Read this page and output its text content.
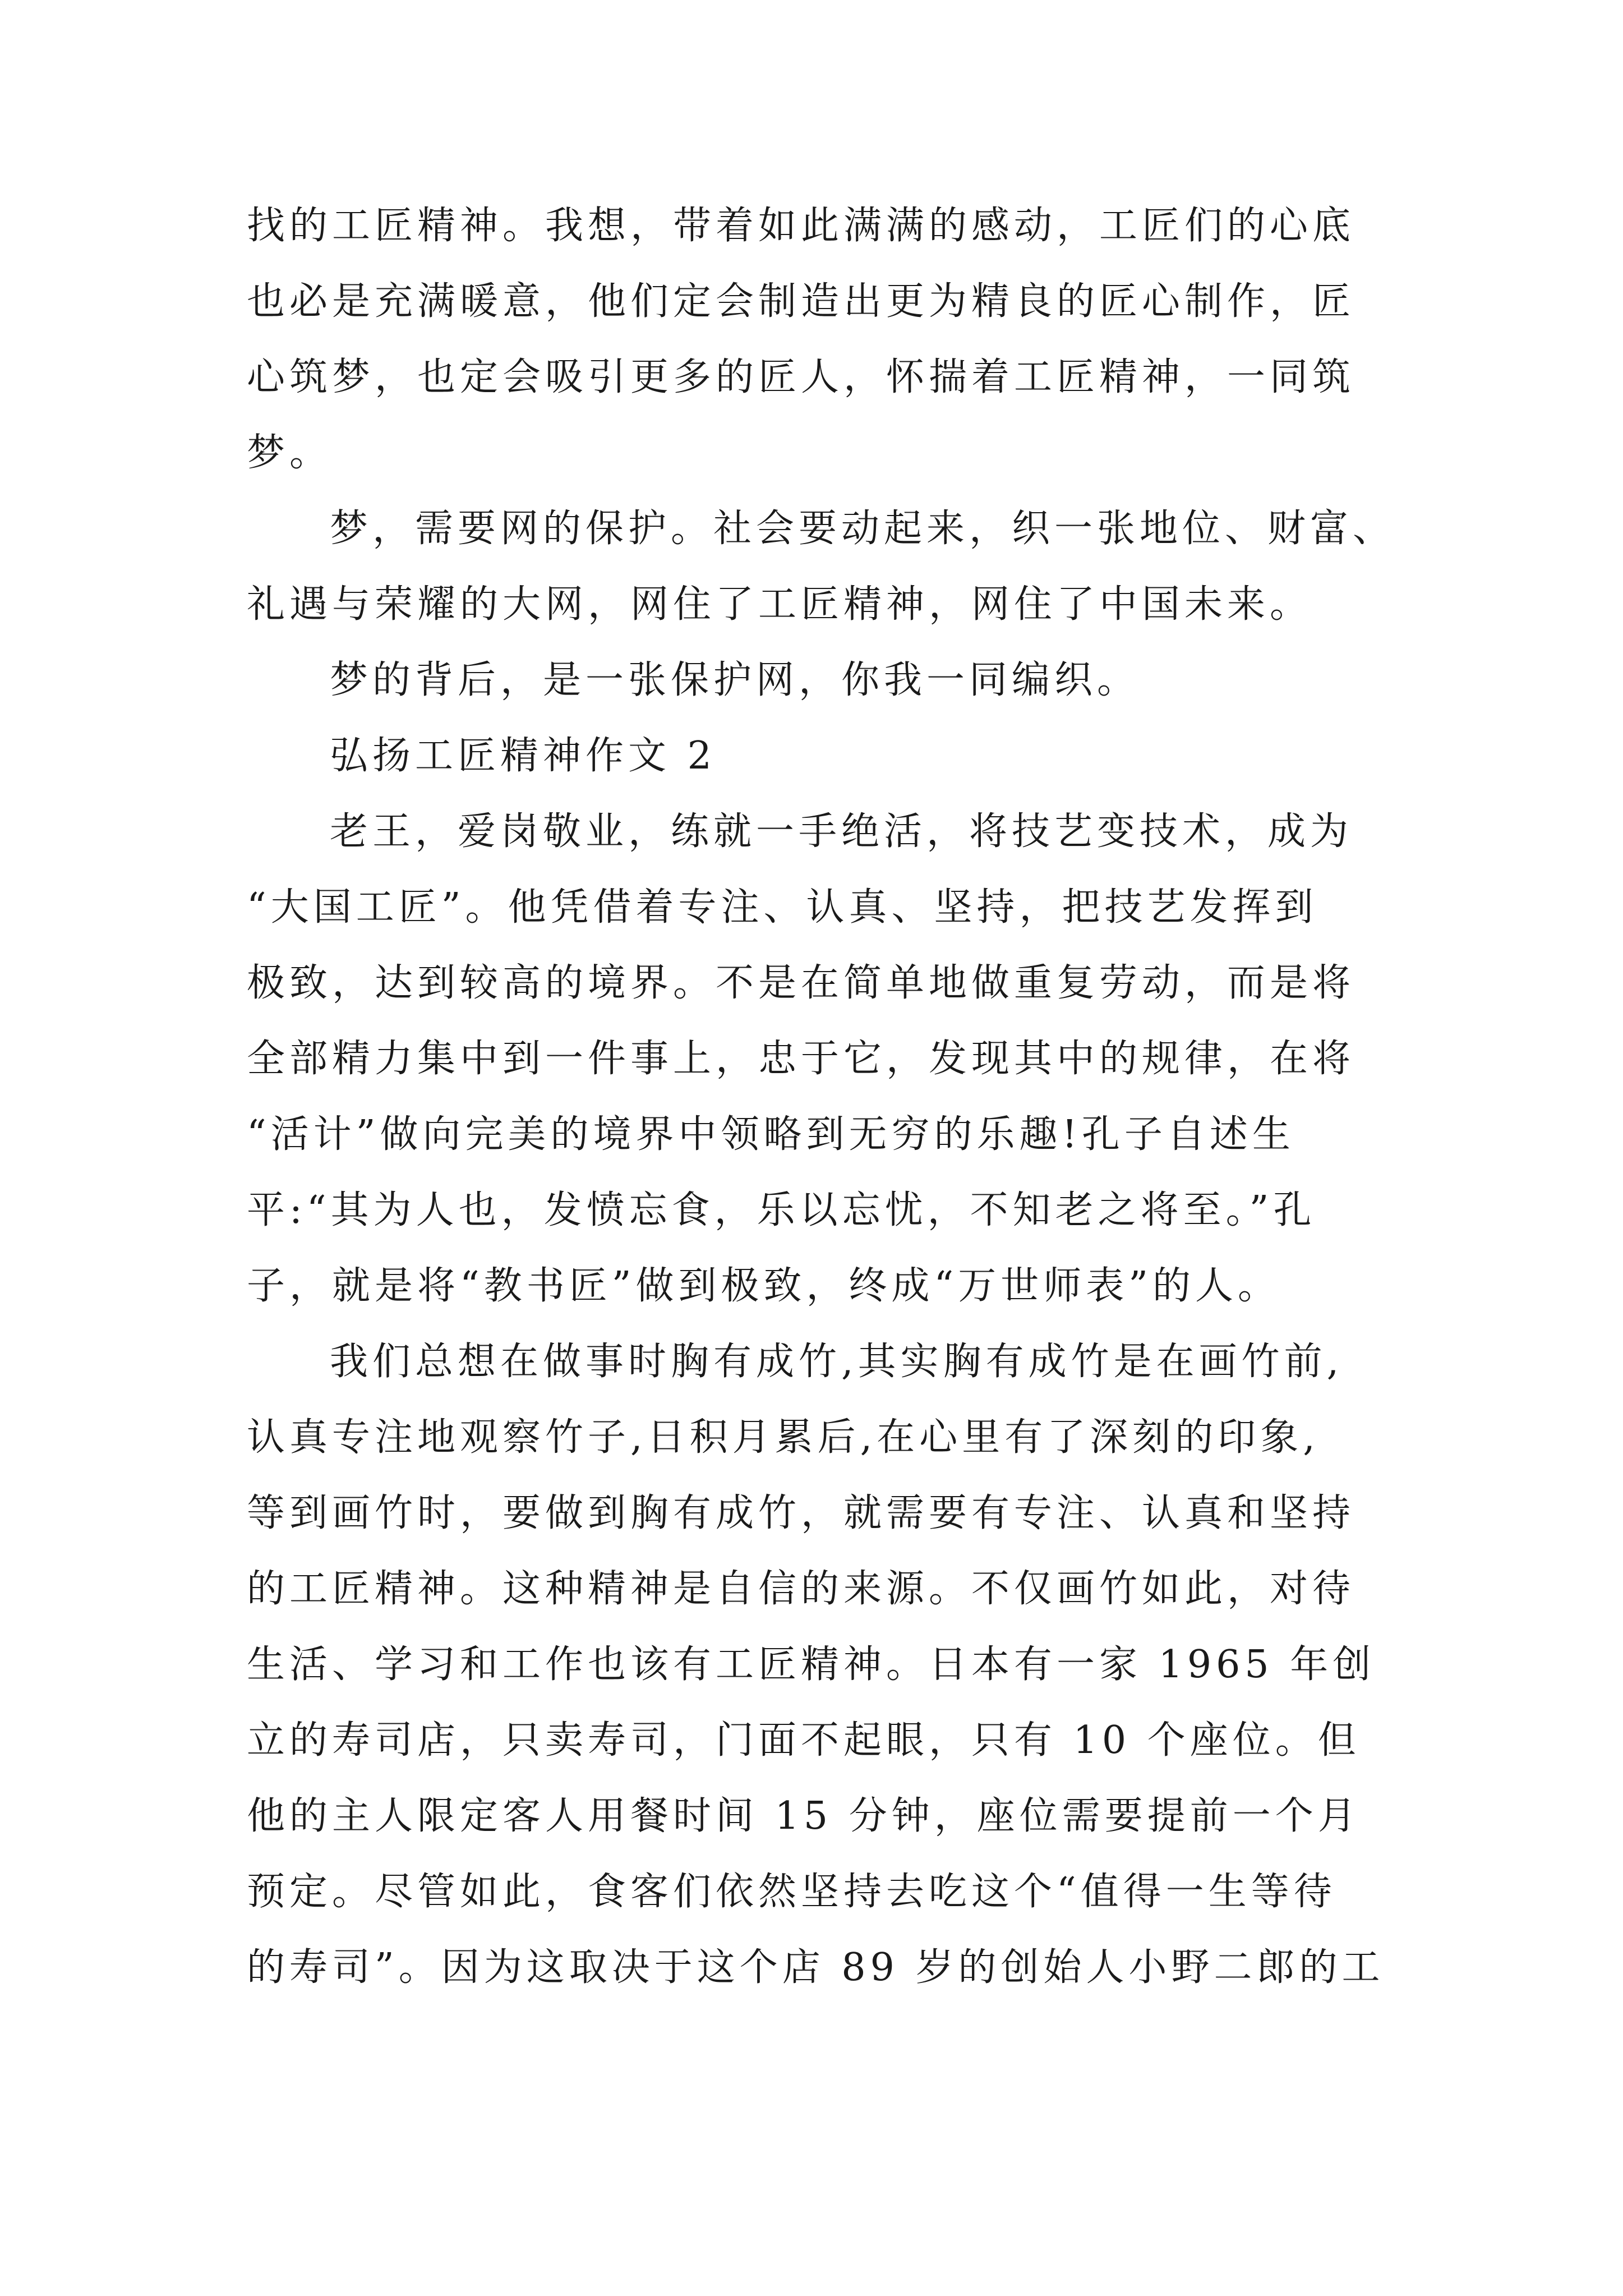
找的工匠精神。我想，带着如此满满的感动，工匠们的心底
也必是充满暖意，他们定会制造出更为精良的匠心制作，匠
心筑梦，也定会吸引更多的匠人，怀揣着工匠精神，一同筑
梦。
梦，需要网的保护。社会要动起来，织一张地位、财富、
礼遇与荣耀的大网，网住了工匠精神，网住了中国未来。
梦的背后，是一张保护网，你我一同编织。
弘扬工匠精神作文 2
老王，爱岗敬业，练就一手绝活，将技艺变技术，成为
“大国工匠”。他凭借着专注、认真、坚持，把技艺发挥到
极致，达到较高的境界。不是在简单地做重复劳动，而是将
全部精力集中到一件事上，忠于它，发现其中的规律，在将
“活计”做向完美的境界中领略到无穷的乐趣!孔子自述生
平:“其为人也，发愤忘食，乐以忘忧，不知老之将至。”孔
子，就是将“教书匠”做到极致，终成“万世师表”的人。
我们总想在做事时胸有成竹,其实胸有成竹是在画竹前,
认真专注地观察竹子,日积月累后,在心里有了深刻的印象,
等到画竹时，要做到胸有成竹，就需要有专注、认真和坚持
的工匠精神。这种精神是自信的来源。不仅画竹如此，对待
生活、学习和工作也该有工匠精神。日本有一家 1965 年创
立的寿司店，只卖寿司，门面不起眼，只有 10 个座位。但
他的主人限定客人用餐时间 15 分钟，座位需要提前一个月
预定。尽管如此，食客们依然坚持去吃这个“值得一生等待
的寿司”。因为这取决于这个店 89 岁的创始人小野二郎的工
